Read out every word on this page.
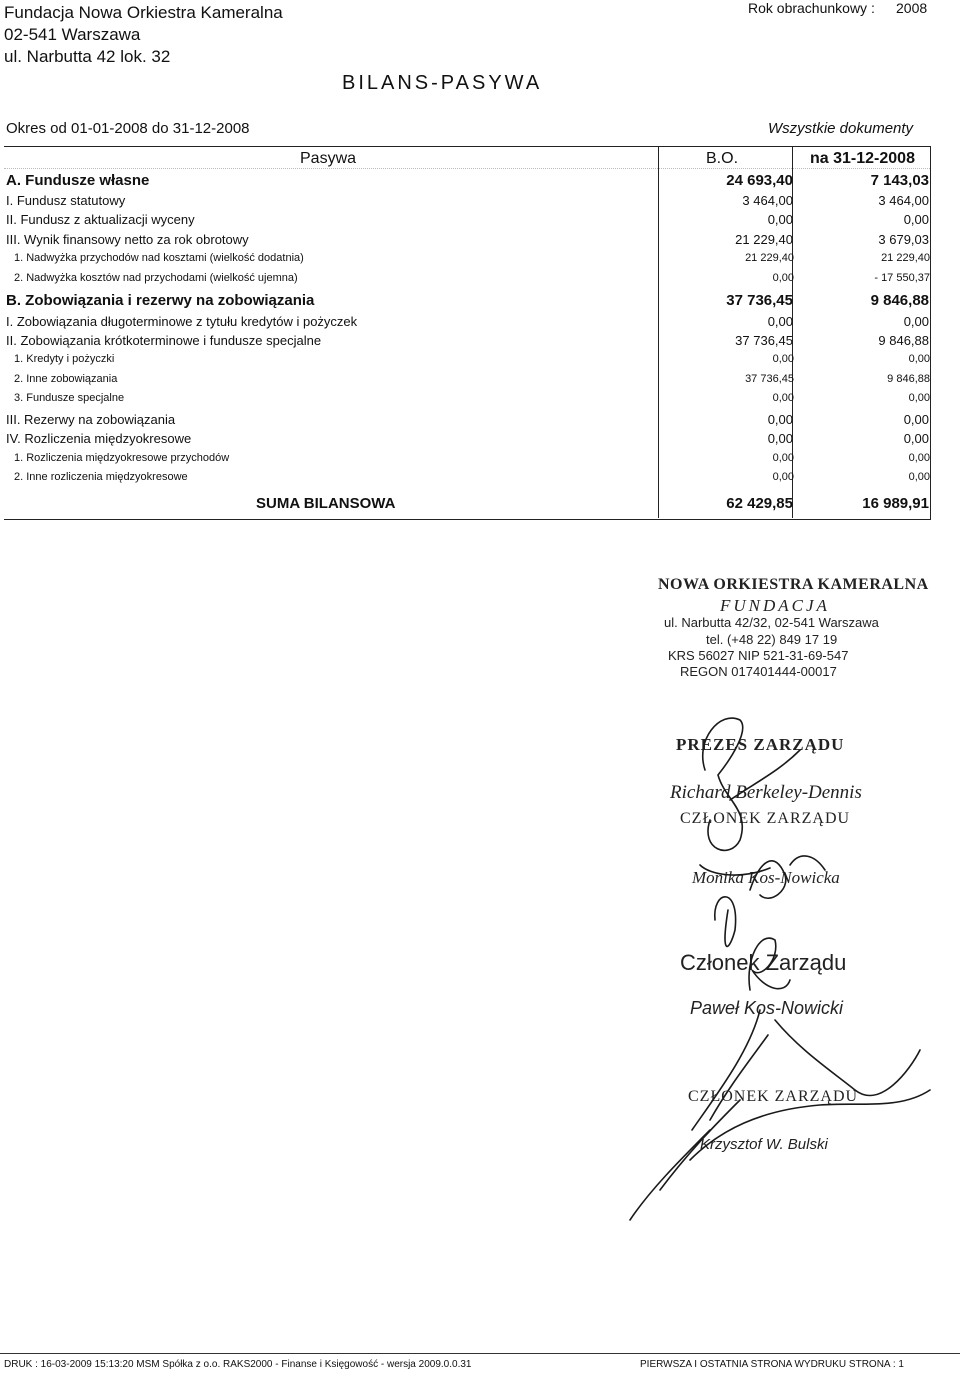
Fundacja Nowa Orkiestra Kameralna
02-541 Warszawa
ul. Narbutta 42 lok. 32
Rok obrachunkowy : 2008
BILANS-PASYWA
Okres od 01-01-2008 do 31-12-2008	Wszystkie dokumenty
Pasywa	B.O.	na 31-12-2008
A. Fundusze własne	24 693,40	7 143,03
I. Fundusz statutowy	3 464,00	3 464,00
II. Fundusz z aktualizacji wyceny	0,00	0,00
III. Wynik finansowy netto za rok obrotowy	21 229,40	3 679,03
1. Nadwyżka przychodów nad kosztami (wielkość dodatnia)	21 229,40	21 229,40
2. Nadwyżka kosztów nad przychodami (wielkość ujemna)	0,00	- 17 550,37
B. Zobowiązania i rezerwy na zobowiązania	37 736,45	9 846,88
I. Zobowiązania długoterminowe z tytułu kredytów i pożyczek	0,00	0,00
II. Zobowiązania krótkoterminowe i fundusze specjalne	37 736,45	9 846,88
1. Kredyty i pożyczki	0,00	0,00
2. Inne zobowiązania	37 736,45	9 846,88
3. Fundusze specjalne	0,00	0,00
III. Rezerwy na zobowiązania	0,00	0,00
IV. Rozliczenia międzyokresowe	0,00	0,00
1. Rozliczenia międzyokresowe przychodów	0,00	0,00
2. Inne rozliczenia międzyokresowe	0,00	0,00
SUMA BILANSOWA	62 429,85	16 989,91
NOWA ORKIESTRA KAMERALNA
FUNDACJA
ul. Narbutta 42/32, 02-541 Warszawa
tel. (+48 22) 849 17 19
KRS 56027 NIP 521-31-69-547
REGON 017401444-00017
PREZES ZARZĄDU
Richard Berkeley-Dennis
CZŁONEK ZARZĄDU
Monika Kos-Nowicka
Członek Zarządu
Paweł Kos-Nowicki
CZŁONEK ZARZĄDU
Krzysztof W. Bulski
DRUK : 16-03-2009 15:13:20 MSM Spółka z o.o. RAKS2000 - Finanse i Księgowość - wersja 2009.0.0.31	PIERWSZA I OSTATNIA STRONA WYDRUKU STRONA : 1
